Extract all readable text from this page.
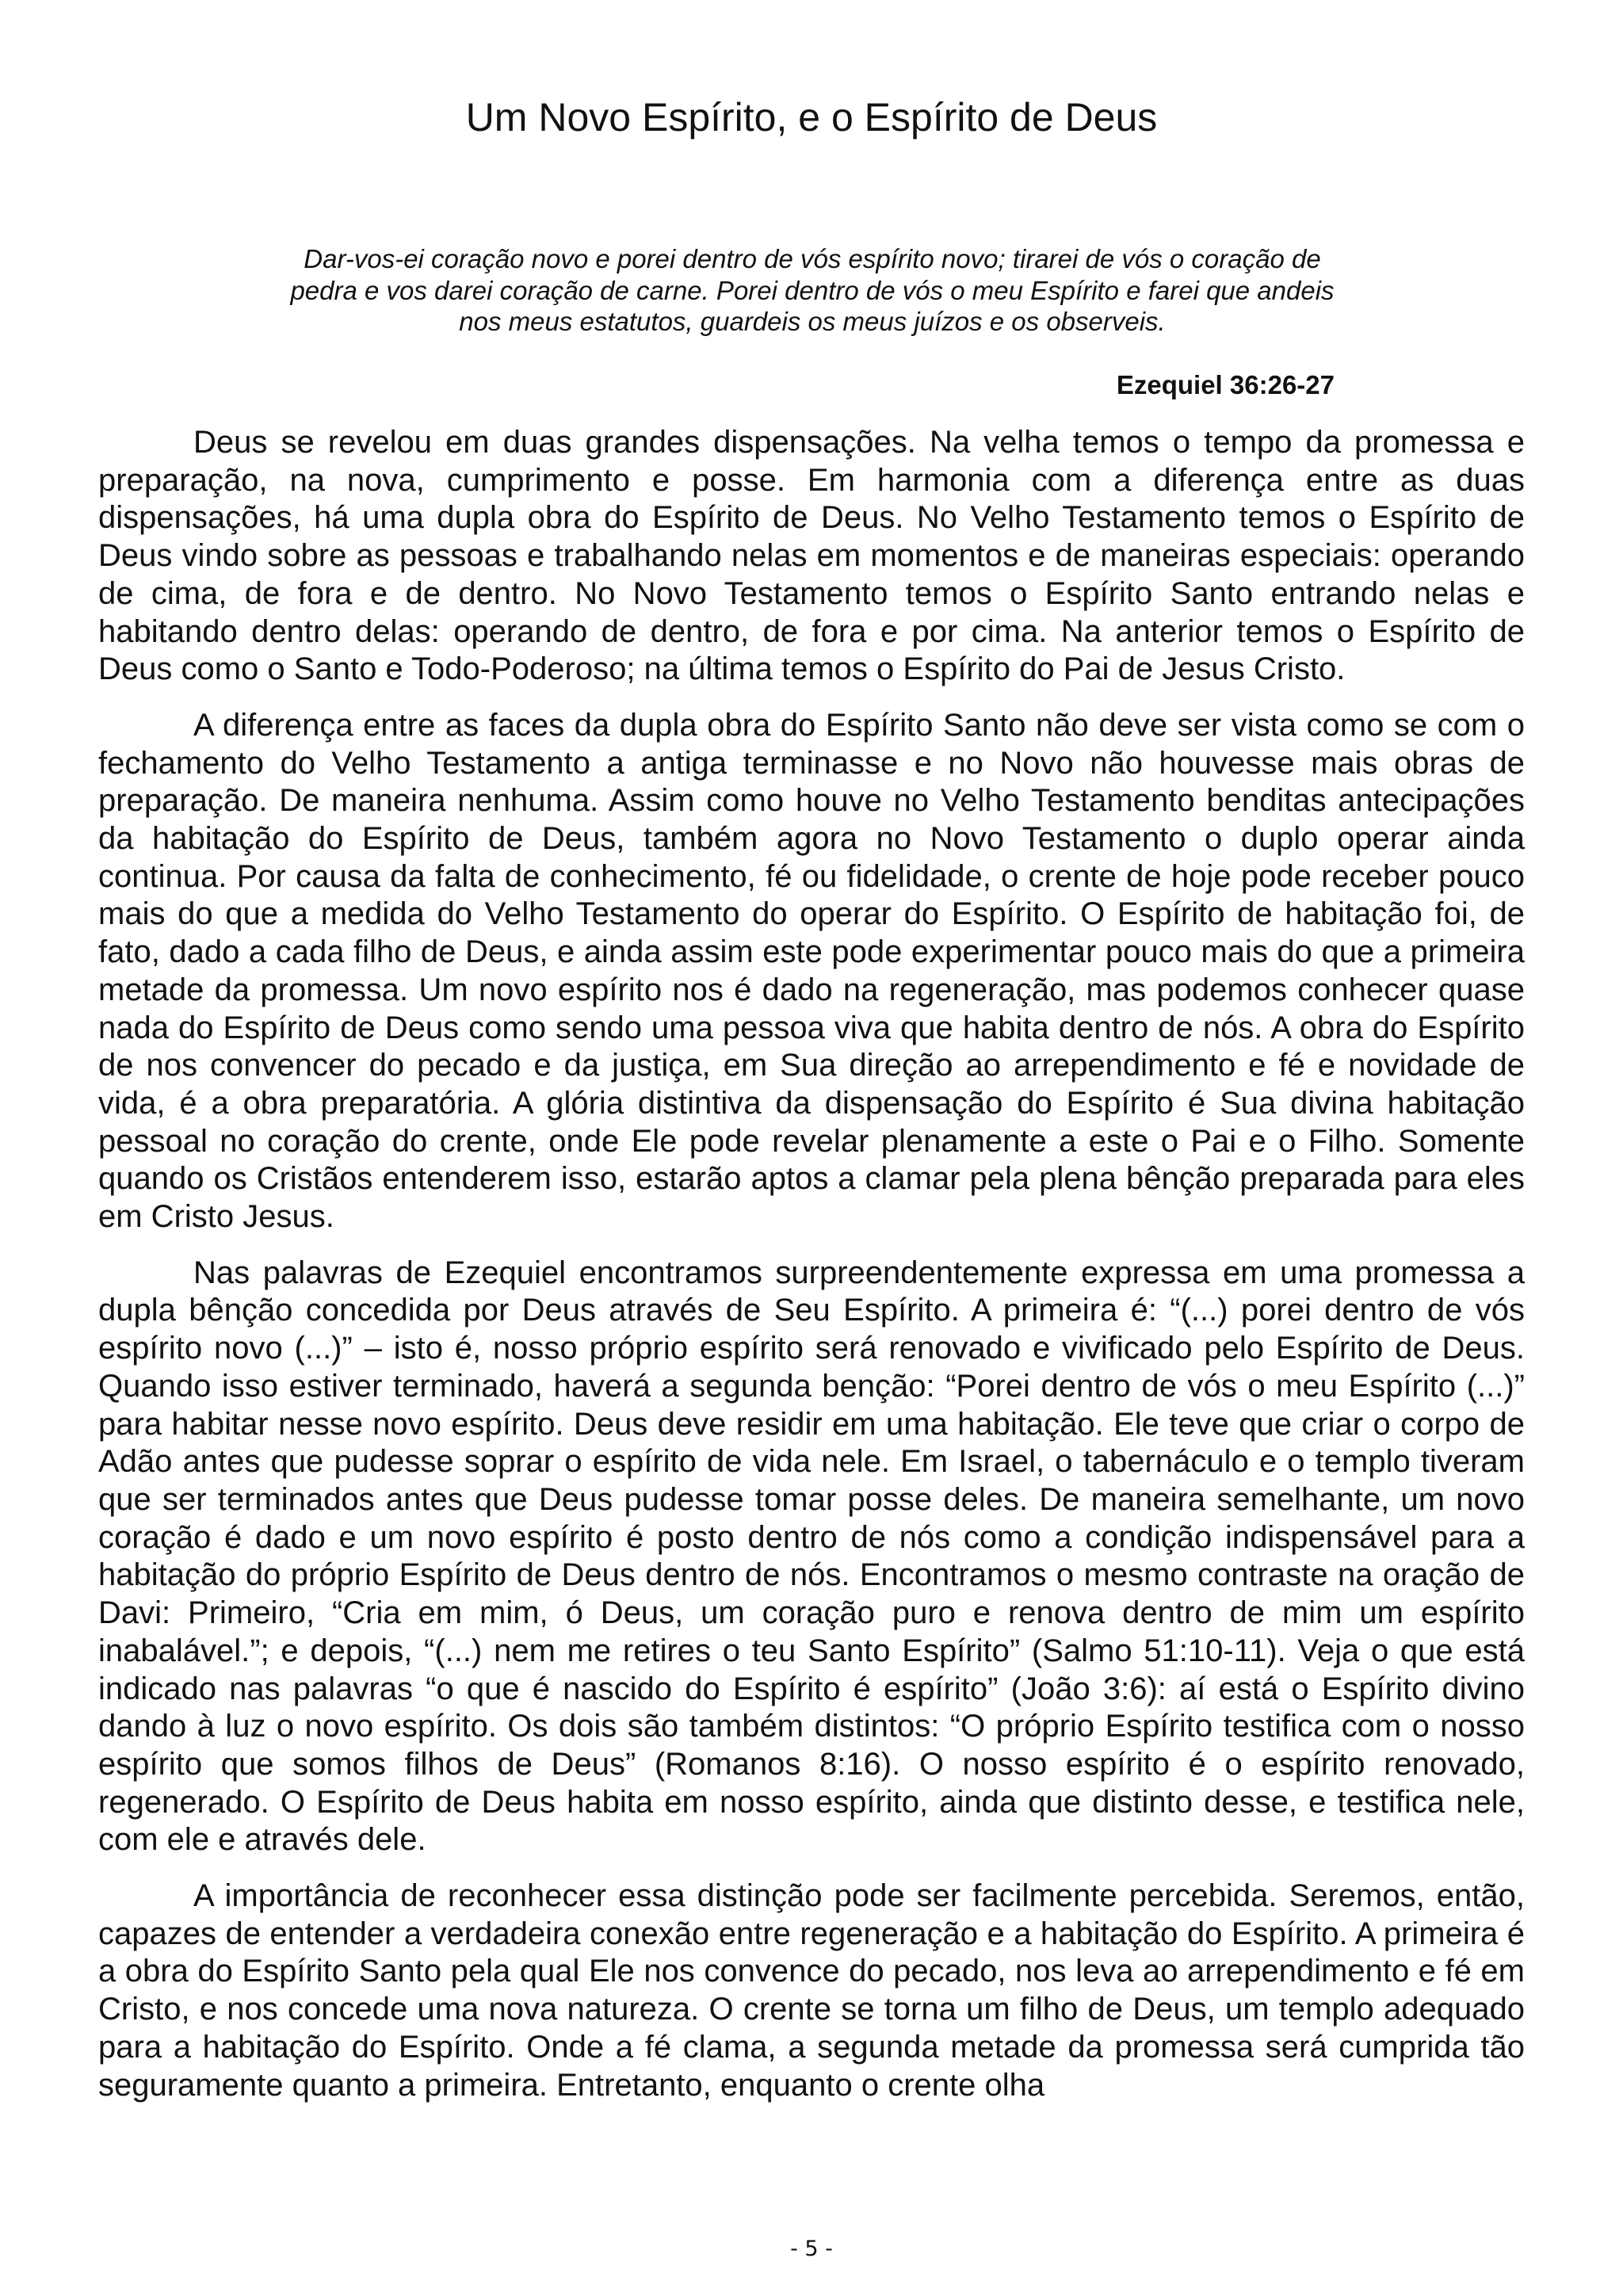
Um Novo Espírito, e o Espírito de Deus

Dar-vos-ei coração novo e porei dentro de vós espírito novo; tirarei de vós o coração de pedra e vos darei coração de carne. Porei dentro de vós o meu Espírito e farei que andeis nos meus estatutos, guardeis os meus juízos e os observeis.

Ezequiel 36:26-27

Deus se revelou em duas grandes dispensações. Na velha temos o tempo da promessa e preparação, na nova, cumprimento e posse. Em harmonia com a diferença entre as duas dispensações, há uma dupla obra do Espírito de Deus. No Velho Testamento temos o Espírito de Deus vindo sobre as pessoas e trabalhando nelas em momentos e de maneiras especiais: operando de cima, de fora e de dentro. No Novo Testamento temos o Espírito Santo entrando nelas e habitando dentro delas: operando de dentro, de fora e por cima. Na anterior temos o Espírito de Deus como o Santo e Todo-Poderoso; na última temos o Espírito do Pai de Jesus Cristo.

A diferença entre as faces da dupla obra do Espírito Santo não deve ser vista como se com o fechamento do Velho Testamento a antiga terminasse e no Novo não houvesse mais obras de preparação. De maneira nenhuma. Assim como houve no Velho Testamento benditas antecipações da habitação do Espírito de Deus, também agora no Novo Testamento o duplo operar ainda continua. Por causa da falta de conhecimento, fé ou fidelidade, o crente de hoje pode receber pouco mais do que a medida do Velho Testamento do operar do Espírito. O Espírito de habitação foi, de fato, dado a cada filho de Deus, e ainda assim este pode experimentar pouco mais do que a primeira metade da promessa. Um novo espírito nos é dado na regeneração, mas podemos conhecer quase nada do Espírito de Deus como sendo uma pessoa viva que habita dentro de nós. A obra do Espírito de nos convencer do pecado e da justiça, em Sua direção ao arrependimento e fé e novidade de vida, é a obra preparatória. A glória distintiva da dispensação do Espírito é Sua divina habitação pessoal no coração do crente, onde Ele pode revelar plenamente a este o Pai e o Filho. Somente quando os Cristãos entenderem isso, estarão aptos a clamar pela plena bênção preparada para eles em Cristo Jesus.

Nas palavras de Ezequiel encontramos surpreendentemente expressa em uma promessa a dupla bênção concedida por Deus através de Seu Espírito. A primeira é: “(...) porei dentro de vós espírito novo (...)” – isto é, nosso próprio espírito será renovado e vivificado pelo Espírito de Deus. Quando isso estiver terminado, haverá a segunda benção: “Porei dentro de vós o meu Espírito (...)” para habitar nesse novo espírito. Deus deve residir em uma habitação. Ele teve que criar o corpo de Adão antes que pudesse soprar o espírito de vida nele. Em Israel, o tabernáculo e o templo tiveram que ser terminados antes que Deus pudesse tomar posse deles. De maneira semelhante, um novo coração é dado e um novo espírito é posto dentro de nós como a condição indispensável para a habitação do próprio Espírito de Deus dentro de nós. Encontramos o mesmo contraste na oração de Davi: Primeiro, “Cria em mim, ó Deus, um coração puro e renova dentro de mim um espírito inabalável.”; e depois, “(...) nem me retires o teu Santo Espírito” (Salmo 51:10-11). Veja o que está indicado nas palavras “o que é nascido do Espírito é espírito” (João 3:6): aí está o Espírito divino dando à luz o novo espírito. Os dois são também distintos: “O próprio Espírito testifica com o nosso espírito que somos filhos de Deus” (Romanos 8:16). O nosso espírito é o espírito renovado, regenerado. O Espírito de Deus habita em nosso espírito, ainda que distinto desse, e testifica nele, com ele e através dele.

A importância de reconhecer essa distinção pode ser facilmente percebida. Seremos, então, capazes de entender a verdadeira conexão entre regeneração e a habitação do Espírito. A primeira é a obra do Espírito Santo pela qual Ele nos convence do pecado, nos leva ao arrependimento e fé em Cristo, e nos concede uma nova natureza. O crente se torna um filho de Deus, um templo adequado para a habitação do Espírito. Onde a fé clama, a segunda metade da promessa será cumprida tão seguramente quanto a primeira. Entretanto, enquanto o crente olha

- 5 -
